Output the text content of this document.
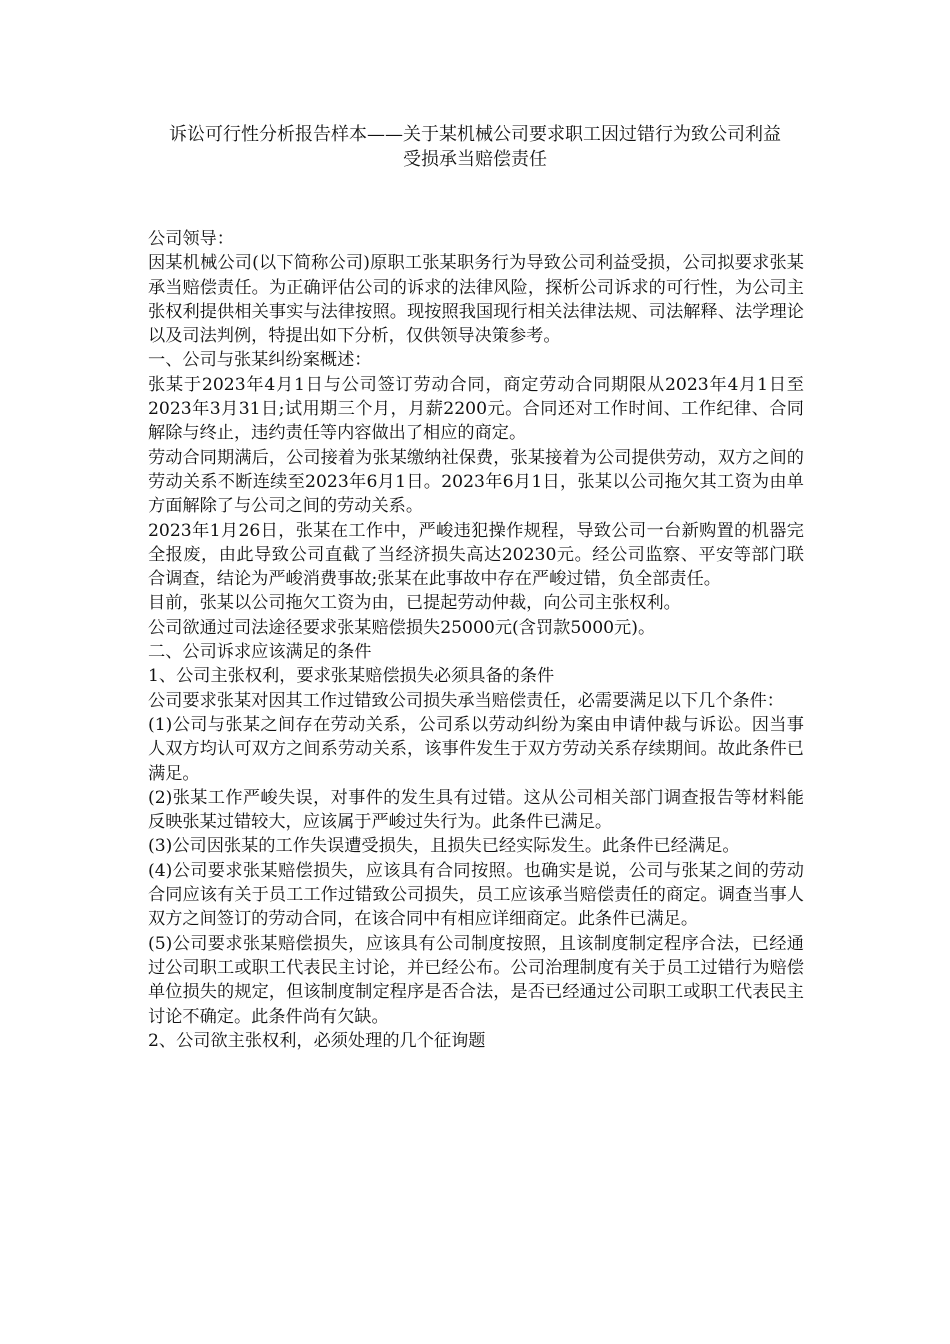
诉讼可行性分析报告样本——关于某机械公司要求职工因过错行为致公司利益
受损承当赔偿责任

公司领导：

因某机械公司(以下简称公司)原职工张某职务行为导致公司利益受损，公司拟要求张某承当赔偿责任。为正确评估公司的诉求的法律风险，探析公司诉求的可行性，为公司主张权利提供相关事实与法律按照。现按照我国现行相关法律法规、司法解释、法学理论以及司法判例，特提出如下分析，仅供领导决策参考。

一、公司与张某纠纷案概述：

张某于2023年4月1日与公司签订劳动合同，商定劳动合同期限从2023年4月1日至2023年3月31日;试用期三个月，月薪2200元。合同还对工作时间、工作纪律、合同解除与终止，违约责任等内容做出了相应的商定。

劳动合同期满后，公司接着为张某缴纳社保费，张某接着为公司提供劳动，双方之间的劳动关系不断连续至2023年6月1日。2023年6月1日，张某以公司拖欠其工资为由单方面解除了与公司之间的劳动关系。

2023年1月26日，张某在工作中，严峻违犯操作规程，导致公司一台新购置的机器完全报废，由此导致公司直截了当经济损失高达20230元。经公司监察、平安等部门联合调查，结论为严峻消费事故;张某在此事故中存在严峻过错，负全部责任。

目前，张某以公司拖欠工资为由，已提起劳动仲裁，向公司主张权利。

公司欲通过司法途径要求张某赔偿损失25000元(含罚款5000元)。

二、公司诉求应该满足的条件

1、公司主张权利，要求张某赔偿损失必须具备的条件

公司要求张某对因其工作过错致公司损失承当赔偿责任，必需要满足以下几个条件：

(1)公司与张某之间存在劳动关系，公司系以劳动纠纷为案由申请仲裁与诉讼。因当事人双方均认可双方之间系劳动关系，该事件发生于双方劳动关系存续期间。故此条件已满足。

(2)张某工作严峻失误，对事件的发生具有过错。这从公司相关部门调查报告等材料能反映张某过错较大，应该属于严峻过失行为。此条件已满足。

(3)公司因张某的工作失误遭受损失，且损失已经实际发生。此条件已经满足。

(4)公司要求张某赔偿损失，应该具有合同按照。也确实是说，公司与张某之间的劳动合同应该有关于员工工作过错致公司损失，员工应该承当赔偿责任的商定。调查当事人双方之间签订的劳动合同，在该合同中有相应详细商定。此条件已满足。

(5)公司要求张某赔偿损失，应该具有公司制度按照，且该制度制定程序合法，已经通过公司职工或职工代表民主讨论，并已经公布。公司治理制度有关于员工过错行为赔偿单位损失的规定，但该制度制定程序是否合法，是否已经通过公司职工或职工代表民主讨论不确定。此条件尚有欠缺。

2、公司欲主张权利，必须处理的几个征询题
